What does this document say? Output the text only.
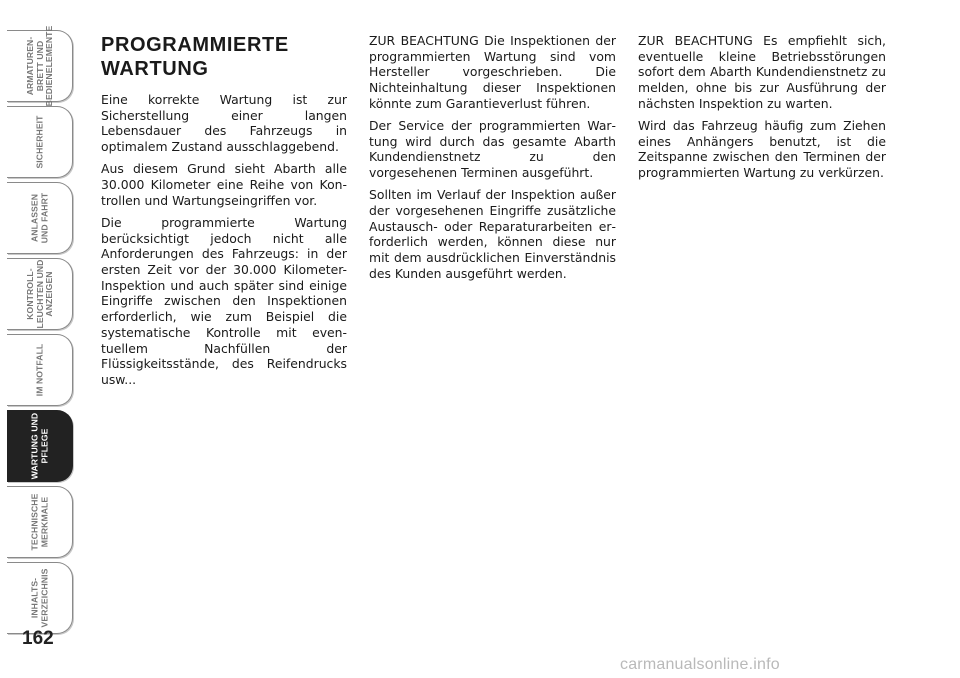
ARMATUREN-
BRETT UND
BEDIENELEMENTE
SICHERHEIT
ANLASSEN
UND FAHRT
KONTROLL-
LEUCHTEN UND
ANZEIGEN
IM NOTFALL
WARTUNG UND
PFLEGE
TECHNISCHE
MERKMALE
INHALTS-
VERZEICHNIS
162
PROGRAMMIERTE WARTUNG

Eine korrekte Wartung ist zur Sicherstellung einer langen Lebensdauer des Fahrzeugs in optimalem Zustand ausschlaggebend.

Aus diesem Grund sieht Abarth alle 30.000 Kilometer eine Reihe von Kontrollen und Wartungseingriffen vor.

Die programmierte Wartung berücksichtigt jedoch nicht alle Anforderungen des Fahrzeugs: in der ersten Zeit vor der 30.000 Kilometer-Inspektion und auch später sind einige Eingriffe zwischen den Inspektionen erforderlich, wie zum Beispiel die systematische Kontrolle mit eventuellem Nachfüllen der Flüssigkeitsstände, des Reifendrucks usw...

ZUR BEACHTUNG Die Inspektionen der programmierten Wartung sind vom Hersteller vorgeschrieben. Die Nichteinhaltung dieser Inspektionen könnte zum Garantieverlust führen.

Der Service der programmierten Wartung wird durch das gesamte Abarth Kundendienstnetz zu den vorgesehenen Terminen ausgeführt.

Sollten im Verlauf der Inspektion außer der vorgesehenen Eingriffe zusätzliche Austausch- oder Reparaturarbeiten erforderlich werden, können diese nur mit dem ausdrücklichen Einverständnis des Kunden ausgeführt werden.

ZUR BEACHTUNG Es empfiehlt sich, eventuelle kleine Betriebsstörungen sofort dem Abarth Kundendienstnetz zu melden, ohne bis zur Ausführung der nächsten Inspektion zu warten.

Wird das Fahrzeug häufig zum Ziehen eines Anhängers benutzt, ist die Zeitspanne zwischen den Terminen der programmierten Wartung zu verkürzen.

carmanualsonline.info
